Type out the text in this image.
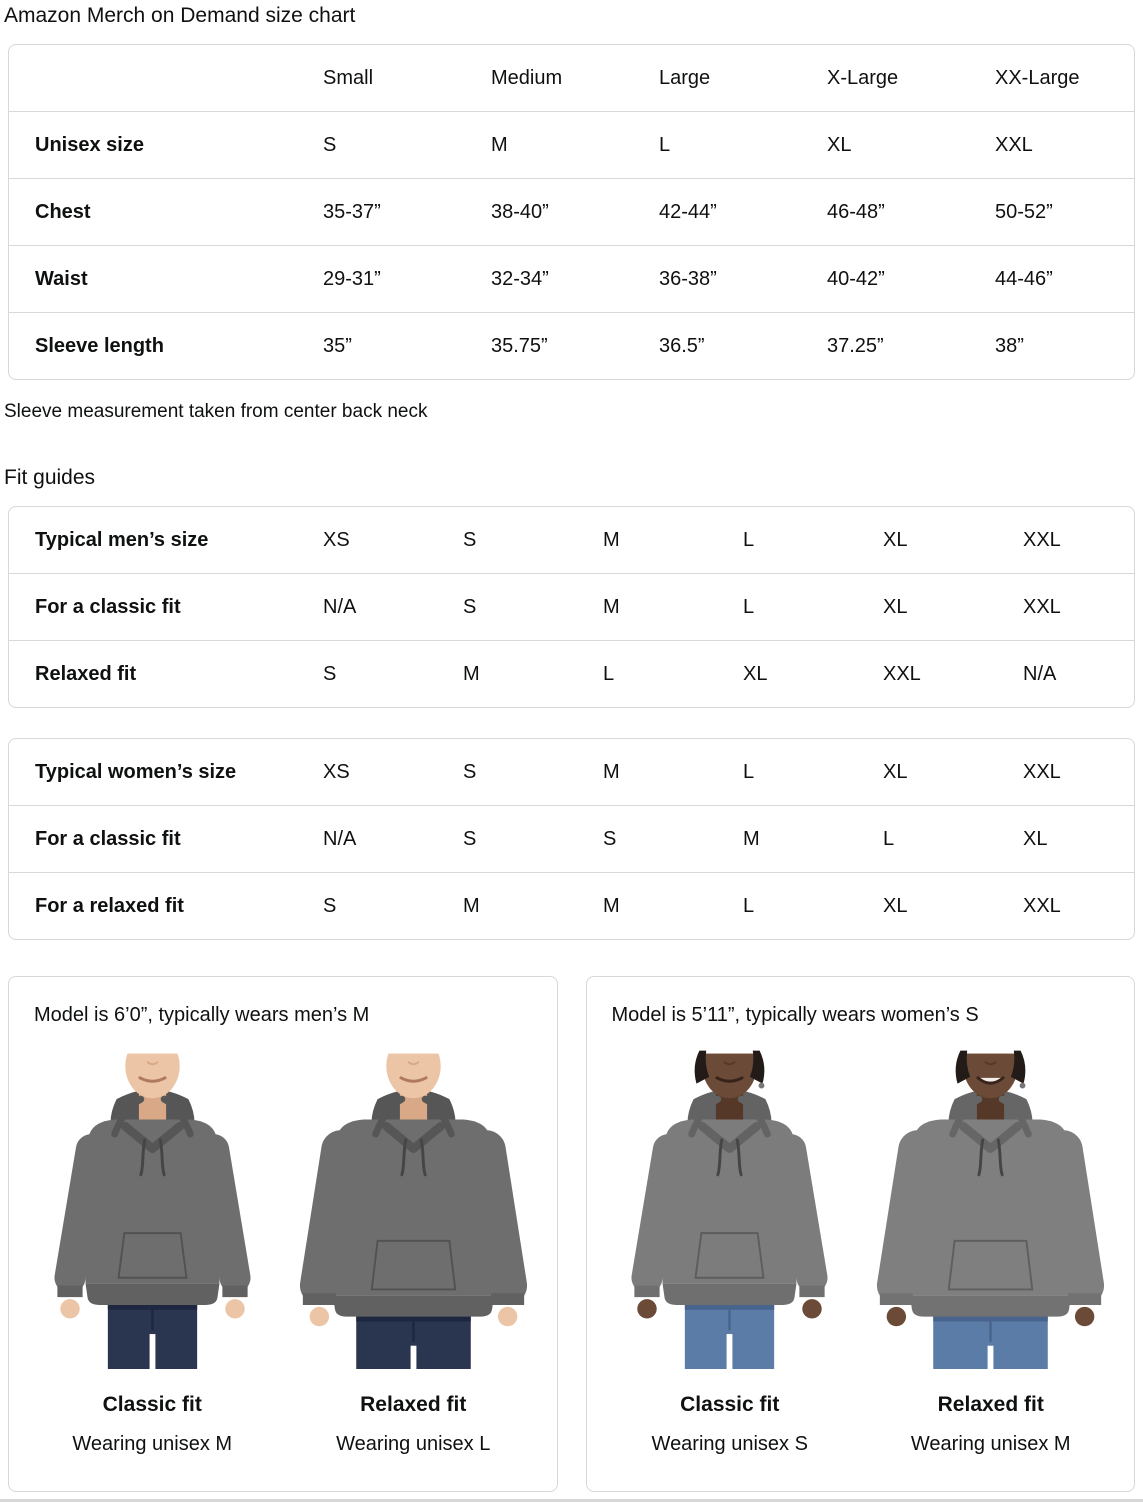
Amazon Merch on Demand size chart
Small	Medium	Large	X-Large	XX-Large
Unisex size	S	M	L	XL	XXL
Chest	35-37”	38-40”	42-44”	46-48”	50-52”
Waist	29-31”	32-34”	36-38”	40-42”	44-46”
Sleeve length	35”	35.75”	36.5”	37.25”	38”
Sleeve measurement taken from center back neck
Fit guides
Typical men’s size	XS	S	M	L	XL	XXL
For a classic fit	N/A	S	M	L	XL	XXL
Relaxed fit	S	M	L	XL	XXL	N/A
Typical women’s size	XS	S	M	L	XL	XXL
For a classic fit	N/A	S	S	M	L	XL
For a relaxed fit	S	M	M	L	XL	XXL
Model is 6’0”, typically wears men’s M
Classic fit
Wearing unisex M
Relaxed fit
Wearing unisex L
Model is 5’11”, typically wears women’s S
Classic fit
Wearing unisex S
Relaxed fit
Wearing unisex M
